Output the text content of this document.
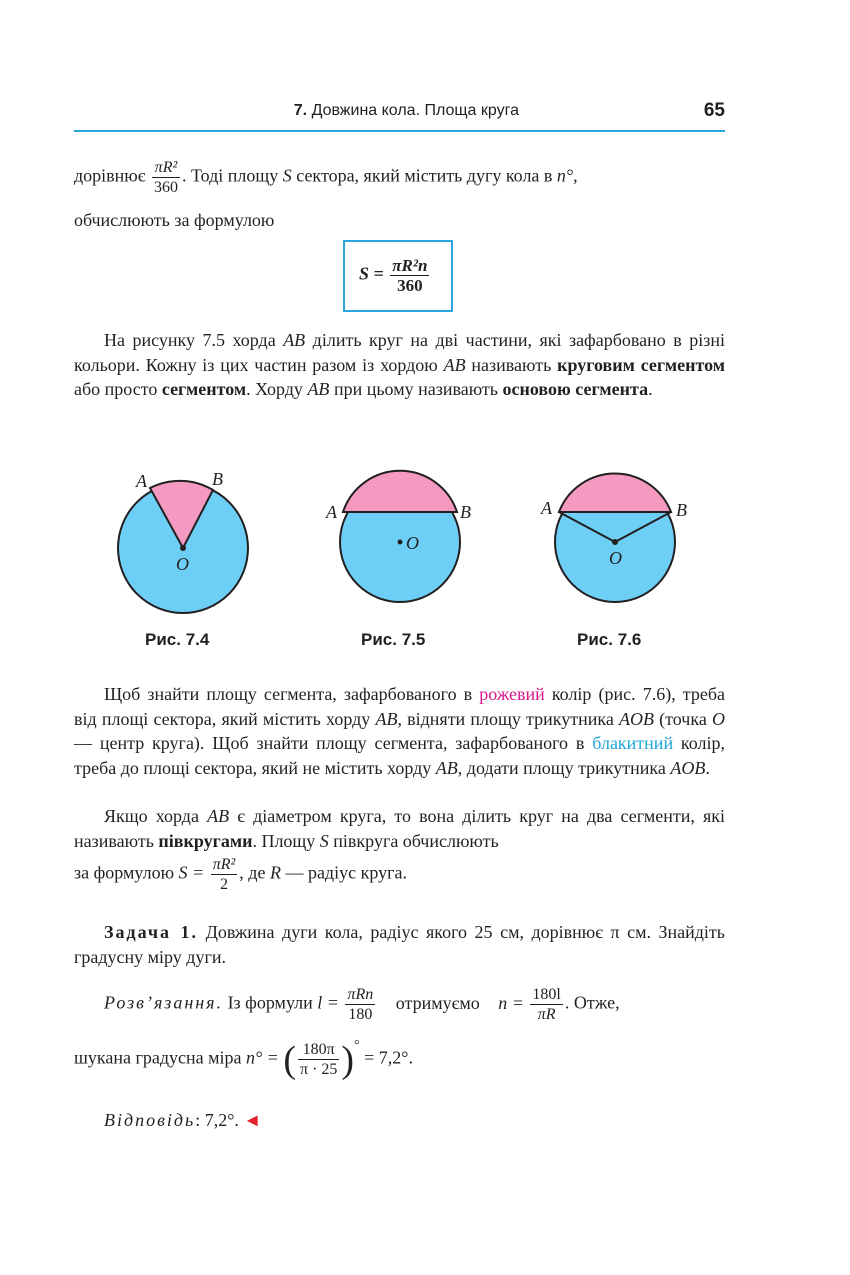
7. Довжина кола. Площа круга	65
дорівнює $\frac{\text{πR²}}{360}$ . Тоді площу S сектора, який містить дугу кола в n°,
обчислюють за формулою
$S = \frac{\text{πR²n}}{360}$
На рисунку 7.5 хорда AB ділить круг на дві частини, які зафарбовано в різні кольори. Кожну із цих частин разом із хордою AB називають круговим сегментом або просто сегментом. Хорду AB при цьому називають основою сегмента.
A	B
O
A	B
O
A	B
O
Рис. 7.4	Рис. 7.5	Рис. 7.6
Щоб знайти площу сегмента, зафарбованого в рожевий колір (рис. 7.6), треба від площі сектора, який містить хорду AB, відняти площу трикутника AOB (точка O — центр круга). Щоб знайти площу сегмента, зафарбованого в блакитний колір, треба до площі сектора, який не містить хорду AB, додати площу трикутника AOB.
Якщо хорда AB є діаметром круга, то вона ділить круг на два сегменти, які називають півкругами. Площу S півкруга обчислюють
за формулою $S = \frac{\text{πR²}}{2}$ , де R — радіус круга.
Задача 1. Довжина дуги кола, радіус якого 25 см, дорівнює π см. Знайдіть градусну міру дуги.
Розв’язання. Із формули $l = \frac{\text{πRn}}{180}$ отримуємо $n = \frac{180l}{\pi R}$ . Отже,
шукана градусна міра n° = ( $\frac{180\pi}{\pi \cdot 25} )^\circ = 7,2^\circ$.
Відповідь: 7,2°. ◄
